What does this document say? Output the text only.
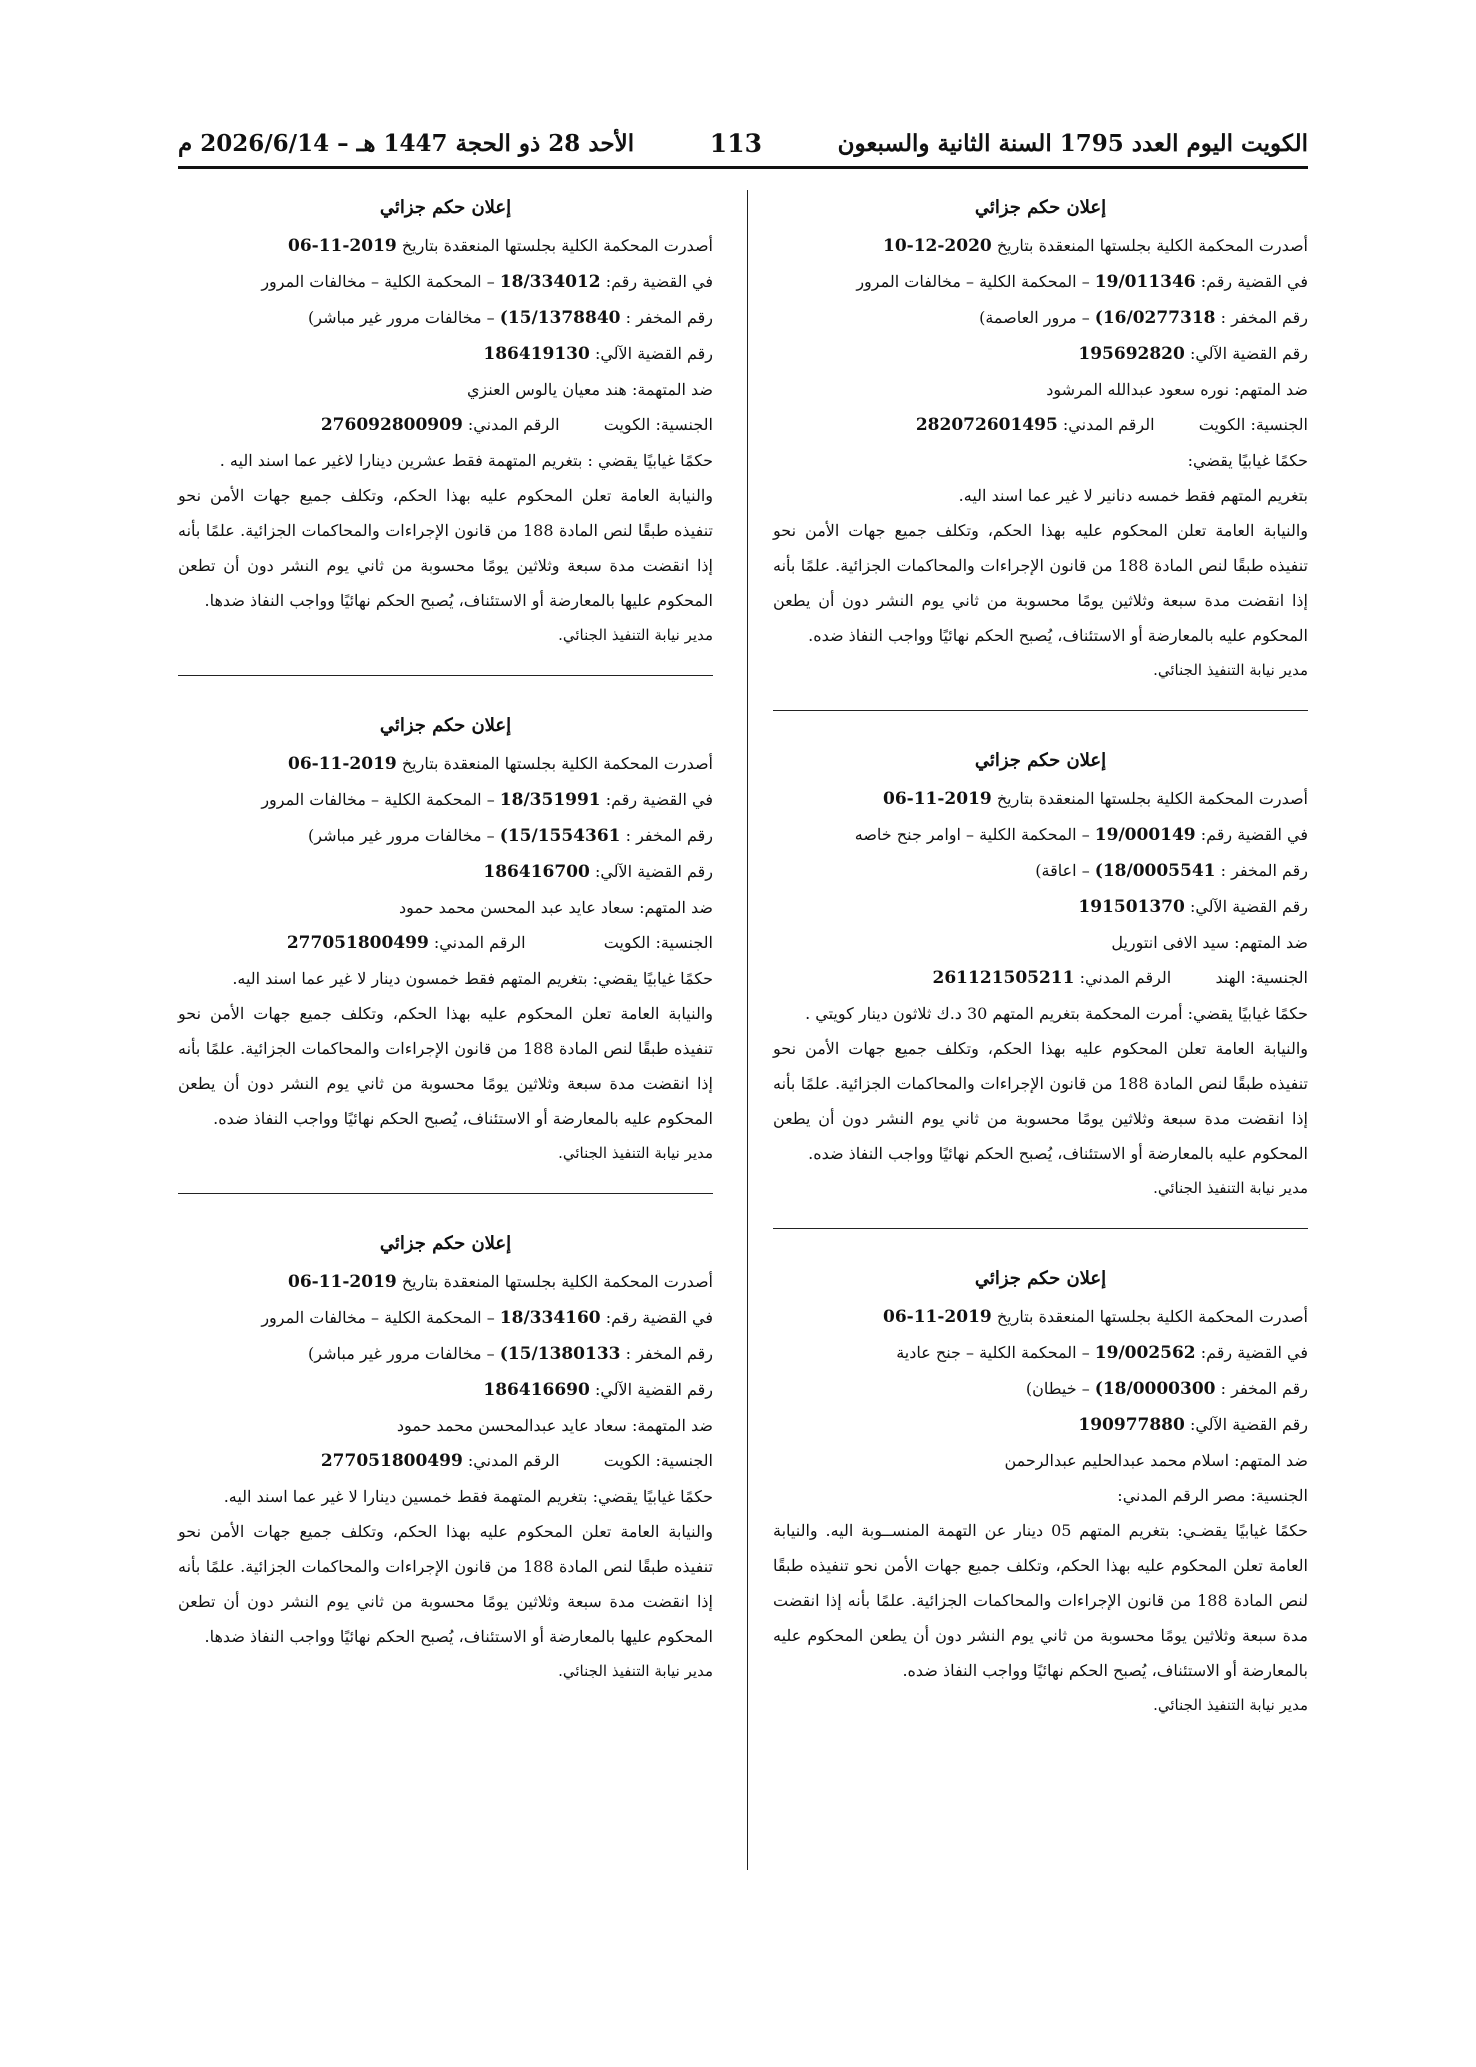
الكويت اليوم العدد 1795 السنة الثانية والسبعون
113
الأحد 28 ذو الحجة 1447 هـ – 2026/6/14 م
إعلان حكم جزائي
أصدرت المحكمة الكلية بجلستها المنعقدة بتاريخ 10-12-2020
في القضية رقم: 19/011346 – المحكمة الكلية – مخالفات المرور
رقم المخفر : (16/0277318 – مرور العاصمة)
رقم القضية الآلي: 195692820
ضد المتهم: نوره سعود عبدالله المرشود
الجنسية: الكويت  الرقم المدني: 282072601495
حكمًا غيابيًا يقضي:
بتغريم المتهم فقط خمسه دنانير لا غير عما اسند اليه.
والنيابة العامة تعلن المحكوم عليه بهذا الحكم، وتكلف جميع جهات الأمن نحو تنفيذه طبقًا لنص المادة 188 من قانون الإجراءات والمحاكمات الجزائية. علمًا بأنه إذا انقضت مدة سبعة وثلاثين يومًا محسوبة من ثاني يوم النشر دون أن يطعن المحكوم عليه بالمعارضة أو الاستئناف، يُصبح الحكم نهائيًا وواجب النفاذ ضده.
مدير نيابة التنفيذ الجنائي.
إعلان حكم جزائي
أصدرت المحكمة الكلية بجلستها المنعقدة بتاريخ 06-11-2019
في القضية رقم: 19/000149 – المحكمة الكلية – اوامر جنح خاصه
رقم المخفر : (18/0005541 – اعاقة)
رقم القضية الآلي: 191501370
ضد المتهم: سيد الافى انتوريل
الجنسية: الهند  الرقم المدني: 261121505211
حكمًا غيابيًا يقضي: أمرت المحكمة بتغريم المتهم 30 د.ك ثلاثون دينار كويتي .
والنيابة العامة تعلن المحكوم عليه بهذا الحكم، وتكلف جميع جهات الأمن نحو تنفيذه طبقًا لنص المادة 188 من قانون الإجراءات والمحاكمات الجزائية. علمًا بأنه إذا انقضت مدة سبعة وثلاثين يومًا محسوبة من ثاني يوم النشر دون أن يطعن المحكوم عليه بالمعارضة أو الاستئناف، يُصبح الحكم نهائيًا وواجب النفاذ ضده.
مدير نيابة التنفيذ الجنائي.
إعلان حكم جزائي
أصدرت المحكمة الكلية بجلستها المنعقدة بتاريخ 06-11-2019
في القضية رقم: 19/002562 – المحكمة الكلية – جنح عادية
رقم المخفر : (18/0000300 – خيطان)
رقم القضية الآلي: 190977880
ضد المتهم: اسلام محمد عبدالحليم عبدالرحمن
الجنسية: مصر الرقم المدني:
حكمًا غيابيًا يقضـي: بتغريم المتهم 05 دينار عن التهمة المنســوبة اليه. والنيابة العامة تعلن المحكوم عليه بهذا الحكم، وتكلف جميع جهات الأمن نحو تنفيذه طبقًا لنص المادة 188 من قانون الإجراءات والمحاكمات الجزائية. علمًا بأنه إذا انقضت مدة سبعة وثلاثين يومًا محسوبة من ثاني يوم النشر دون أن يطعن المحكوم عليه بالمعارضة أو الاستئناف، يُصبح الحكم نهائيًا وواجب النفاذ ضده.
مدير نيابة التنفيذ الجنائي.
إعلان حكم جزائي
أصدرت المحكمة الكلية بجلستها المنعقدة بتاريخ 06-11-2019
في القضية رقم: 18/334012 – المحكمة الكلية – مخالفات المرور
رقم المخفر : (15/1378840 – مخالفات مرور غير مباشر)
رقم القضية الآلي: 186419130
ضد المتهمة: هند معيان يالوس العنزي
الجنسية: الكويت  الرقم المدني: 276092800909
حكمًا غيابيًا يقضي : بتغريم المتهمة فقط عشرين دينارا لاغير عما اسند اليه .
والنيابة العامة تعلن المحكوم عليه بهذا الحكم، وتكلف جميع جهات الأمن نحو تنفيذه طبقًا لنص المادة 188 من قانون الإجراءات والمحاكمات الجزائية. علمًا بأنه إذا انقضت مدة سبعة وثلاثين يومًا محسوبة من ثاني يوم النشر دون أن تطعن المحكوم عليها بالمعارضة أو الاستئناف، يُصبح الحكم نهائيًا وواجب النفاذ ضدها.
مدير نيابة التنفيذ الجنائي.
إعلان حكم جزائي
أصدرت المحكمة الكلية بجلستها المنعقدة بتاريخ 06-11-2019
في القضية رقم: 18/351991 – المحكمة الكلية – مخالفات المرور
رقم المخفر : (15/1554361 – مخالفات مرور غير مباشر)
رقم القضية الآلي: 186416700
ضد المتهم: سعاد عايد عبد المحسن محمد حمود
الجنسية: الكويت  الرقم المدني: 277051800499
حكمًا غيابيًا يقضي: بتغريم المتهم فقط خمسون دينار لا غير عما اسند اليه.
والنيابة العامة تعلن المحكوم عليه بهذا الحكم، وتكلف جميع جهات الأمن نحو تنفيذه طبقًا لنص المادة 188 من قانون الإجراءات والمحاكمات الجزائية. علمًا بأنه إذا انقضت مدة سبعة وثلاثين يومًا محسوبة من ثاني يوم النشر دون أن يطعن المحكوم عليه بالمعارضة أو الاستئناف، يُصبح الحكم نهائيًا وواجب النفاذ ضده.
مدير نيابة التنفيذ الجنائي.
إعلان حكم جزائي
أصدرت المحكمة الكلية بجلستها المنعقدة بتاريخ 06-11-2019
في القضية رقم: 18/334160 – المحكمة الكلية – مخالفات المرور
رقم المخفر : (15/1380133 – مخالفات مرور غير مباشر)
رقم القضية الآلي: 186416690
ضد المتهمة: سعاد عايد عبدالمحسن محمد حمود
الجنسية: الكويت  الرقم المدني: 277051800499
حكمًا غيابيًا يقضي: بتغريم المتهمة فقط خمسين دينارا لا غير عما اسند اليه.
والنيابة العامة تعلن المحكوم عليه بهذا الحكم، وتكلف جميع جهات الأمن نحو تنفيذه طبقًا لنص المادة 188 من قانون الإجراءات والمحاكمات الجزائية. علمًا بأنه إذا انقضت مدة سبعة وثلاثين يومًا محسوبة من ثاني يوم النشر دون أن تطعن المحكوم عليها بالمعارضة أو الاستئناف، يُصبح الحكم نهائيًا وواجب النفاذ ضدها.
مدير نيابة التنفيذ الجنائي.
